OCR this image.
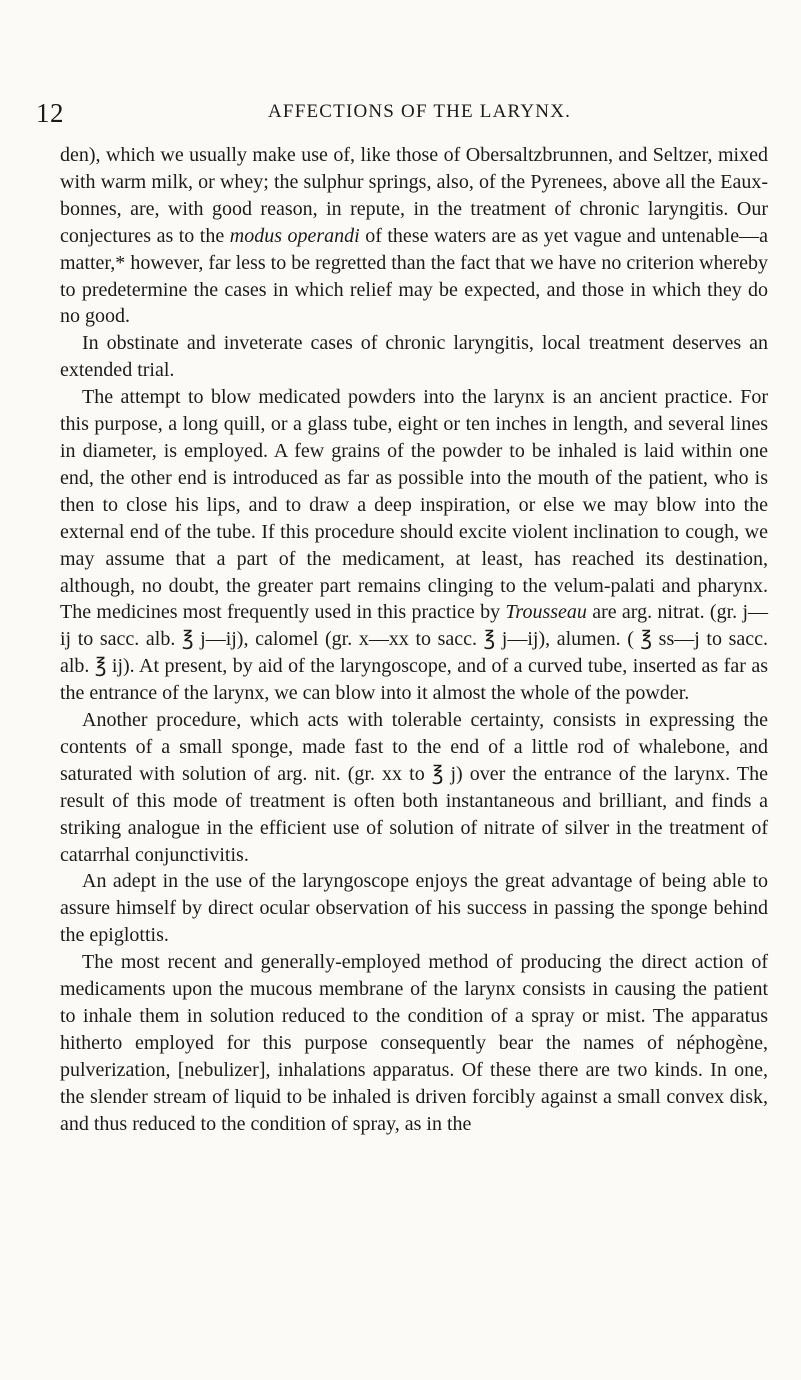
12	AFFECTIONS OF THE LARYNX.

den), which we usually make use of, like those of Obersaltzbrunnen, and Seltzer, mixed with warm milk, or whey; the sulphur springs, also, of the Pyrenees, above all the Eaux-bonnes, are, with good reason, in repute, in the treatment of chronic laryngitis. Our conjectures as to the modus operandi of these waters are as yet vague and untenable—a matter,* however, far less to be regretted than the fact that we have no criterion whereby to predetermine the cases in which relief may be expected, and those in which they do no good.

In obstinate and inveterate cases of chronic laryngitis, local treatment deserves an extended trial.

The attempt to blow medicated powders into the larynx is an ancient practice. For this purpose, a long quill, or a glass tube, eight or ten inches in length, and several lines in diameter, is employed. A few grains of the powder to be inhaled is laid within one end, the other end is introduced as far as possible into the mouth of the patient, who is then to close his lips, and to draw a deep inspiration, or else we may blow into the external end of the tube. If this procedure should excite violent inclination to cough, we may assume that a part of the medicament, at least, has reached its destination, although, no doubt, the greater part remains clinging to the velum-palati and pharynx. The medicines most frequently used in this practice by Trousseau are arg. nitrat. (gr. j—ij to sacc. alb. ℥ j—ij), calomel (gr. x—xx to sacc. ℥ j—ij), alumen. ( ℥ ss—j to sacc. alb. ℥ ij). At present, by aid of the laryngoscope, and of a curved tube, inserted as far as the entrance of the larynx, we can blow into it almost the whole of the powder.

Another procedure, which acts with tolerable certainty, consists in expressing the contents of a small sponge, made fast to the end of a little rod of whalebone, and saturated with solution of arg. nit. (gr. xx to ℥ j) over the entrance of the larynx. The result of this mode of treatment is often both instantaneous and brilliant, and finds a striking analogue in the efficient use of solution of nitrate of silver in the treatment of catarrhal conjunctivitis.

An adept in the use of the laryngoscope enjoys the great advantage of being able to assure himself by direct ocular observation of his success in passing the sponge behind the epiglottis.

The most recent and generally-employed method of producing the direct action of medicaments upon the mucous membrane of the larynx consists in causing the patient to inhale them in solution reduced to the condition of a spray or mist. The apparatus hitherto employed for this purpose consequently bear the names of néphogène, pulverization, [nebulizer], inhalations apparatus. Of these there are two kinds. In one, the slender stream of liquid to be inhaled is driven forcibly against a small convex disk, and thus reduced to the condition of spray, as in the
